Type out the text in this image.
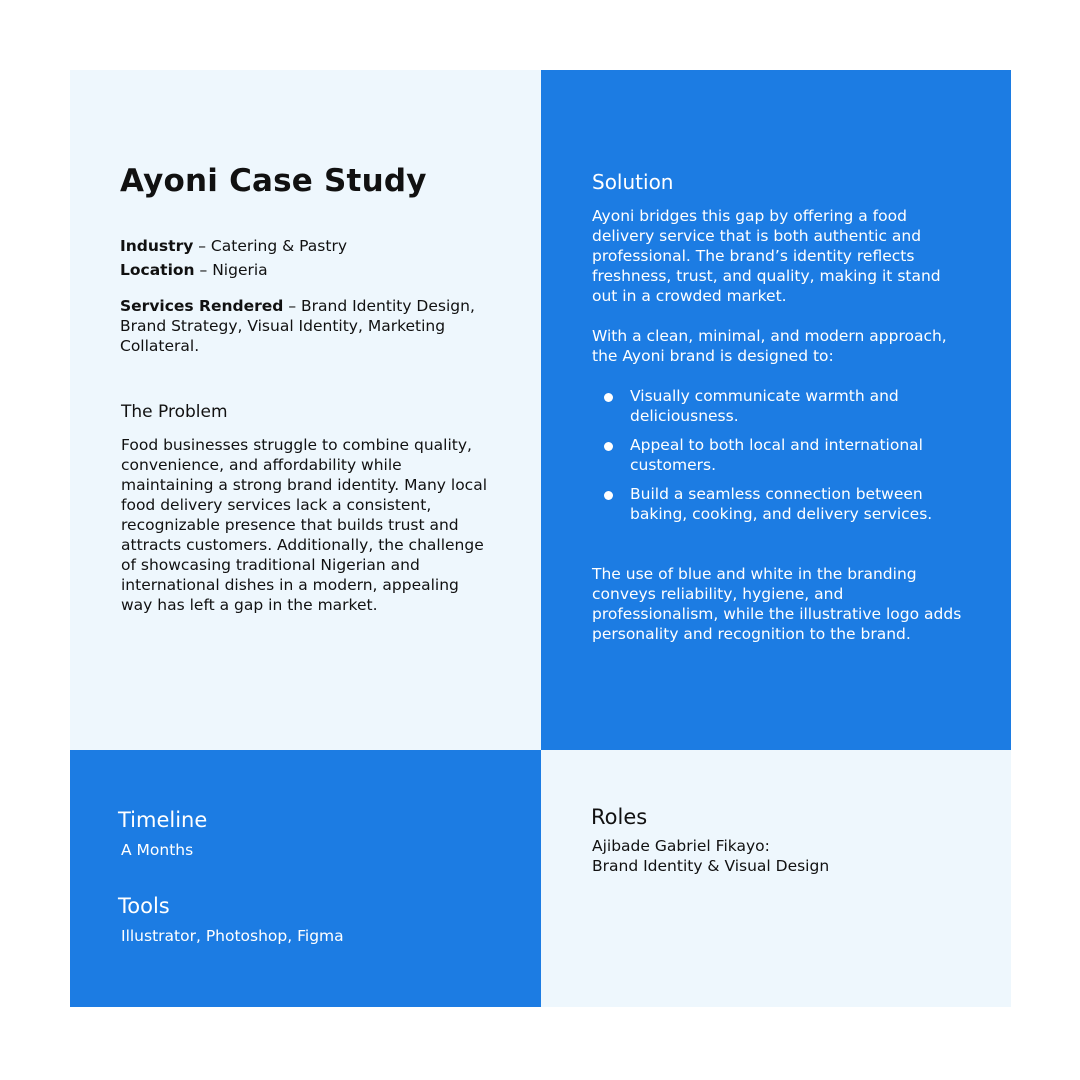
Ayoni Case Study

Industry – Catering & Pastry

Location – Nigeria

Services Rendered – Brand Identity Design, Brand Strategy, Visual Identity, Marketing Collateral.

The Problem

Food businesses struggle to combine quality, convenience, and affordability while maintaining a strong brand identity. Many local food delivery services lack a consistent, recognizable presence that builds trust and attracts customers. Additionally, the challenge of showcasing traditional Nigerian and international dishes in a modern, appealing way has left a gap in the market.

Solution

Ayoni bridges this gap by offering a food delivery service that is both authentic and professional. The brand’s identity reflects freshness, trust, and quality, making it stand out in a crowded market.

With a clean, minimal, and modern approach, the Ayoni brand is designed to:

Visually communicate warmth and deliciousness.
Appeal to both local and international customers.
Build a seamless connection between baking, cooking, and delivery services.

The use of blue and white in the branding conveys reliability, hygiene, and professionalism, while the illustrative logo adds personality and recognition to the brand.

Timeline

A Months

Tools

Illustrator, Photoshop, Figma

Roles

Ajibade Gabriel Fikayo:

Brand Identity & Visual Design
